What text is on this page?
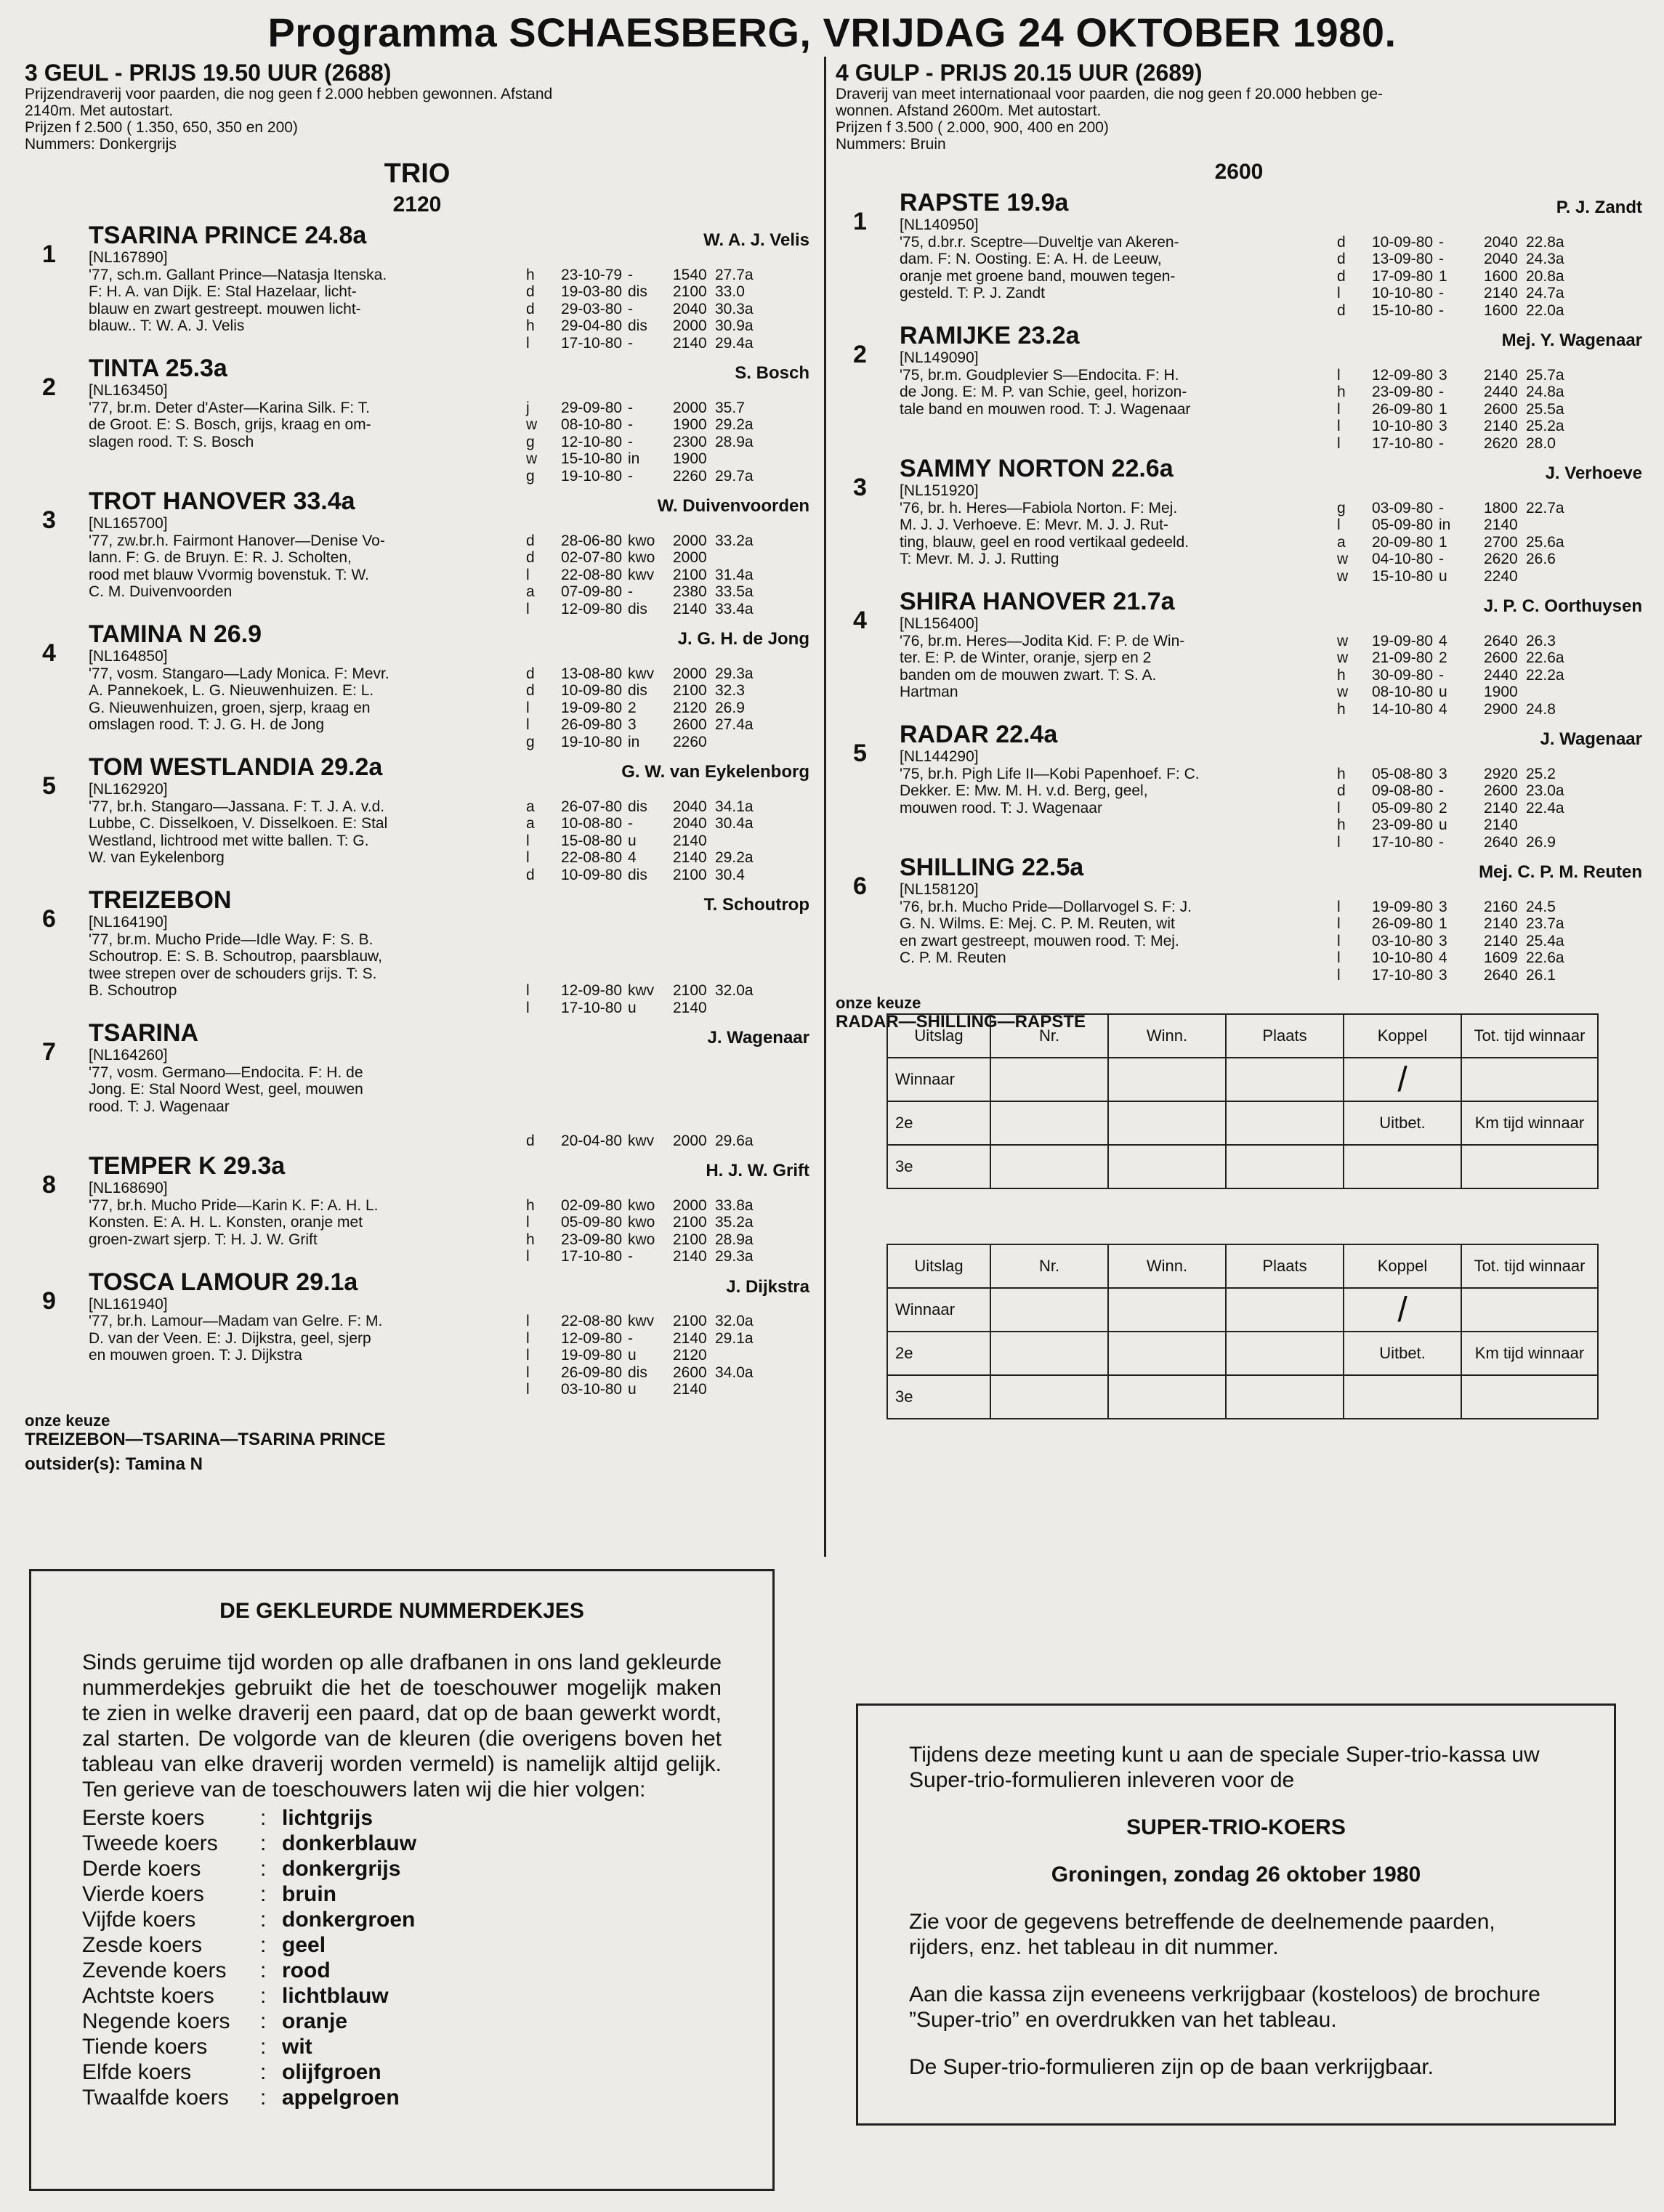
Programma SCHAESBERG, VRIJDAG 24 OKTOBER 1980.
3 GEUL - PRIJS 19.50 UUR (2688)
Prijzendraverij voor paarden, die nog geen f 2.000 hebben gewonnen. Afstand
2140m. Met autostart.
Prijzen f 2.500 ( 1.350, 650, 350 en 200)
Nummers: Donkergrijs
TRIO
2120
1
TSARINA PRINCE 24.8a	W. A. J. Velis
[NL167890]
'77, sch.m. Gallant Prince—Natasja Itenska.
F: H. A. van Dijk. E: Stal Hazelaar, licht-
blauw en zwart gestreept. mouwen licht-
blauw.. T: W. A. J. Velis
h 23-10-79 -	1540 27.7a
d 19-03-80 dis 2100 33.0
d 29-03-80 -	2040 30.3a
h 29-04-80 dis 2000 30.9a
l 17-10-80 -	2140 29.4a
2
TINTA 25.3a	S. Bosch
[NL163450]
'77, br.m. Deter d'Aster—Karina Silk. F: T.
de Groot. E: S. Bosch, grijs, kraag en om-
slagen rood. T: S. Bosch
j 29-09-80 -	2000 35.7
w 08-10-80 -	1900 29.2a
g 12-10-80 -	2300 28.9a
w 15-10-80 in 1900
g 19-10-80 -	2260 29.7a
3
TROT HANOVER 33.4a	W. Duivenvoorden
[NL165700]
'77, zw.br.h. Fairmont Hanover—Denise Vo-
lann. F: G. de Bruyn. E: R. J. Scholten,
rood met blauw Vvormig bovenstuk. T: W.
C. M. Duivenvoorden
d 28-06-80 kwo 2000 33.2a
d 02-07-80 kwo 2000
l 22-08-80 kwv 2100 31.4a
a 07-09-80 -	2380 33.5a
l 12-09-80 dis 2140 33.4a
4
TAMINA N 26.9	J. G. H. de Jong
[NL164850]
'77, vosm. Stangaro—Lady Monica. F: Mevr.
A. Pannekoek, L. G. Nieuwenhuizen. E: L.
G. Nieuwenhuizen, groen, sjerp, kraag en
omslagen rood. T: J. G. H. de Jong
d 13-08-80 kwv 2000 29.3a
d 10-09-80 dis 2100 32.3
l 19-09-80 2 2120 26.9
l 26-09-80 3 2600 27.4a
g 19-10-80 in 2260
5
TOM WESTLANDIA 29.2a	G. W. van Eykelenborg
[NL162920]
'77, br.h. Stangaro—Jassana. F: T. J. A. v.d.
Lubbe, C. Disselkoen, V. Disselkoen. E: Stal
Westland, lichtrood met witte ballen. T: G.
W. van Eykelenborg
a 26-07-80 dis 2040 34.1a
a 10-08-80 -	2040 30.4a
l 15-08-80 u 2140
l 22-08-80 4 2140 29.2a
d 10-09-80 dis 2100 30.4
6
TREIZEBON	T. Schoutrop
[NL164190]
'77, br.m. Mucho Pride—Idle Way. F: S. B.
Schoutrop. E: S. B. Schoutrop, paarsblauw,
twee strepen over de schouders grijs. T: S.
B. Schoutrop	l 12-09-80 kwv 2100 32.0a
l 17-10-80 u 2140
7
TSARINA	J. Wagenaar
[NL164260]
'77, vosm. Germano—Endocita. F: H. de
Jong. E: Stal Noord West, geel, mouwen
rood. T: J. Wagenaar
d 20-04-80 kwv 2000 29.6a
8
TEMPER K 29.3a	H. J. W. Grift
[NL168690]
'77, br.h. Mucho Pride—Karin K. F: A. H. L.
Konsten. E: A. H. L. Konsten, oranje met
groen-zwart sjerp. T: H. J. W. Grift
h 02-09-80 kwo 2000 33.8a
l 05-09-80 kwo 2100 35.2a
h 23-09-80 kwo 2100 28.9a
l 17-10-80 -	2140 29.3a
9
TOSCA LAMOUR 29.1a	J. Dijkstra
[NL161940]
'77, br.h. Lamour—Madam van Gelre. F: M.
D. van der Veen. E: J. Dijkstra, geel, sjerp
en mouwen groen. T: J. Dijkstra
l 22-08-80 kwv 2100 32.0a
l 12-09-80 -	2140 29.1a
l 19-09-80 u 2120
l 26-09-80 dis 2600 34.0a
l 03-10-80 u 2140
onze keuze
TREIZEBON—TSARINA—TSARINA PRINCE
outsider(s): Tamina N
4 GULP - PRIJS 20.15 UUR (2689)
Draverij van meet internationaal voor paarden, die nog geen f 20.000 hebben ge-
wonnen. Afstand 2600m. Met autostart.
Prijzen f 3.500 ( 2.000, 900, 400 en 200)
Nummers: Bruin
2600
1
RAPSTE 19.9a	P. J. Zandt
[NL140950]
'75, d.br.r. Sceptre—Duveltje van Akeren-
dam. F: N. Oosting. E: A. H. de Leeuw,
oranje met groene band, mouwen tegen-
gesteld. T: P. J. Zandt
d 10-09-80 -	2040 22.8a
d 13-09-80 -	2040 24.3a
d 17-09-80 1 1600 20.8a
l 10-10-80 -	2140 24.7a
d 15-10-80 -	1600 22.0a
2
RAMIJKE 23.2a	Mej. Y. Wagenaar
[NL149090]
'75, br.m. Goudplevier S—Endocita. F: H.
de Jong. E: M. P. van Schie, geel, horizon-
tale band en mouwen rood. T: J. Wagenaar
l 12-09-80 3 2140 25.7a
h 23-09-80 -	2440 24.8a
l 26-09-80 1 2600 25.5a
l 10-10-80 3 2140 25.2a
l 17-10-80 -	2620 28.0
3
SAMMY NORTON 22.6a	J. Verhoeve
[NL151920]
'76, br. h. Heres—Fabiola Norton. F: Mej.
M. J. J. Verhoeve. E: Mevr. M. J. J. Rut-
ting, blauw, geel en rood vertikaal gedeeld.
T: Mevr. M. J. J. Rutting
g 03-09-80 -	1800 22.7a
l 05-09-80 in 2140
a 20-09-80 1 2700 25.6a
w 04-10-80 -	2620 26.6
w 15-10-80 u 2240
4
SHIRA HANOVER 21.7a	J. P. C. Oorthuysen
[NL156400]
'76, br.m. Heres—Jodita Kid. F: P. de Win-
ter. E: P. de Winter, oranje, sjerp en 2
banden om de mouwen zwart. T: S. A.
Hartman
w 19-09-80 4 2640 26.3
w 21-09-80 2 2600 22.6a
h 30-09-80 -	2440 22.2a
w 08-10-80 u 1900
h 14-10-80 4 2900 24.8
5
RADAR 22.4a	J. Wagenaar
[NL144290]
'75, br.h. Pigh Life II—Kobi Papenhoef. F: C.
Dekker. E: Mw. M. H. v.d. Berg, geel,
mouwen rood. T: J. Wagenaar
h 05-08-80 3 2920 25.2
d 09-08-80 -	2600 23.0a
l 05-09-80 2 2140 22.4a
h 23-09-80 u 2140
l 17-10-80 -	2640 26.9
6
SHILLING 22.5a	Mej. C. P. M. Reuten
[NL158120]
'76, br.h. Mucho Pride—Dollarvogel S. F: J.
G. N. Wilms. E: Mej. C. P. M. Reuten, wit
en zwart gestreept, mouwen rood. T: Mej.
C. P. M. Reuten
l 19-09-80 3 2160 24.5
l 26-09-80 1 2140 23.7a
l 03-10-80 3 2140 25.4a
l 10-10-80 4 1609 22.6a
l 17-10-80 3 2640 26.1
onze keuze
RADAR—SHILLING—RAPSTE
Uitslag	Nr.	Winn.	Plaats	Koppel	Tot. tijd winnaar
Winnaar				/	
2e				Uitbet.	Km tijd winnaar
3e					
Uitslag	Nr.	Winn.	Plaats	Koppel	Tot. tijd winnaar
Winnaar				/	
2e				Uitbet.	Km tijd winnaar
3e					
DE GEKLEURDE NUMMERDEKJES
Sinds geruime tijd worden op alle drafbanen in ons land gekleurde nummerdekjes gebruikt die het de toeschouwer mogelijk maken te zien in welke draverij een paard, dat op de baan gewerkt wordt, zal starten. De volgorde van de kleuren (die overigens boven het tableau van elke draverij worden vermeld) is namelijk altijd gelijk. Ten gerieve van de toeschouwers laten wij die hier volgen:
Eerste koers	: lichtgrijs
Tweede koers	: donkerblauw
Derde koers	: donkergrijs
Vierde koers	: bruin
Vijfde koers	: donkergroen
Zesde koers	: geel
Zevende koers	: rood
Achtste koers	: lichtblauw
Negende koers	: oranje
Tiende koers	: wit
Elfde koers	: olijfgroen
Twaalfde koers	: appelgroen
Tijdens deze meeting kunt u aan de speciale Super-trio-kassa uw Super-trio-formulieren inleveren voor de
SUPER-TRIO-KOERS
Groningen, zondag 26 oktober 1980
Zie voor de gegevens betreffende de deelnemende paarden, rijders, enz. het tableau in dit nummer.
Aan die kassa zijn eveneens verkrijgbaar (kosteloos) de brochure ”Super-trio” en overdrukken van het tableau.
De Super-trio-formulieren zijn op de baan verkrijgbaar.
